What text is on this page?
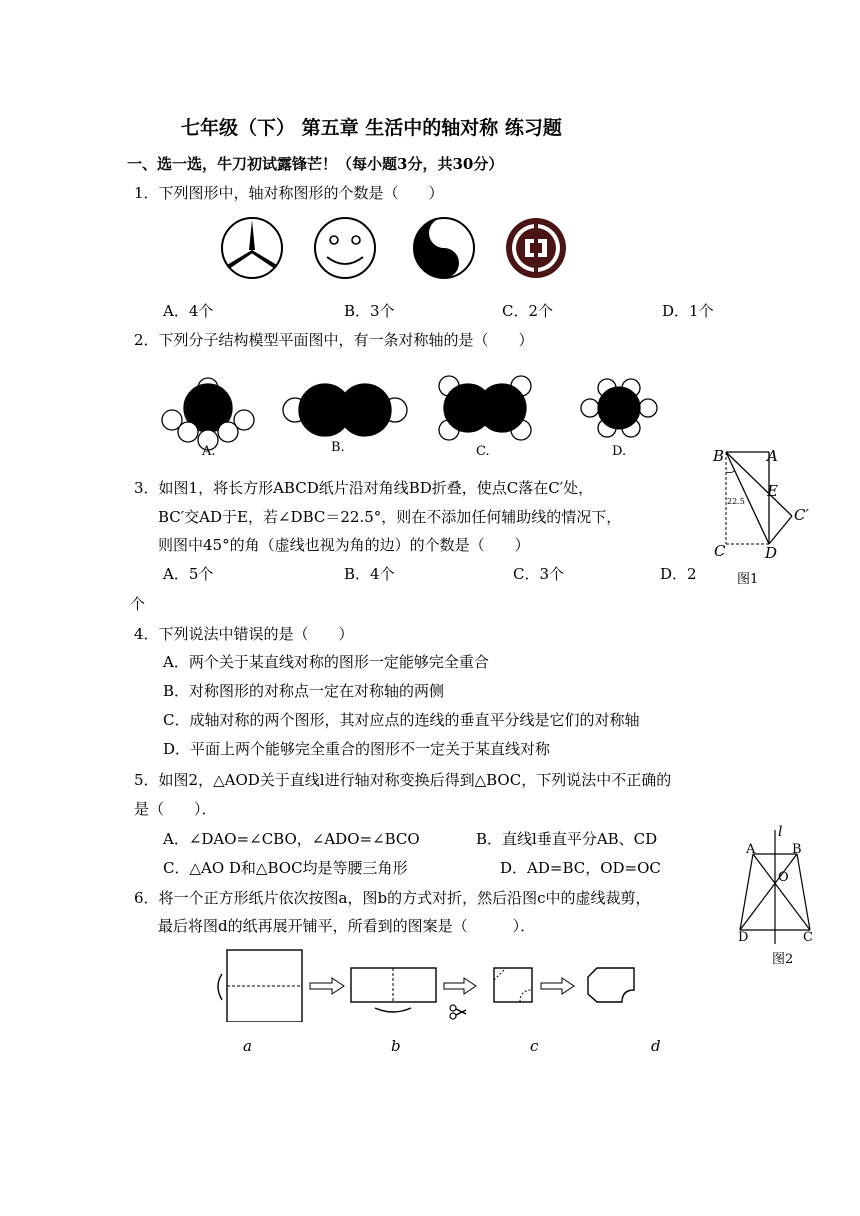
七年级（下） 第五章 生活中的轴对称 练习题
一、选一选，牛刀初试露锋芒！（每小题3分，共30分）
1．下列图形中，轴对称图形的个数是（　　）
A．4个	B．3个	C．2个	D．1个
2．下列分子结构模型平面图中，有一条对称轴的是（　　）
A.	B.	C.	D.
3．如图1，将长方形ABCD纸片沿对角线BD折叠，使点C落在C′处，
BC′交AD于E，若∠DBC＝22.5°，则在不添加任何辅助线的情况下，
则图中45°的角（虚线也视为角的边）的个数是（　　）
A．5个	B．4个	C．3个	D．2
个
22.5
B	A
E
C′
C	D
图1
4．下列说法中错误的是（　　）
A．两个关于某直线对称的图形一定能够完全重合
B．对称图形的对称点一定在对称轴的两侧
C．成轴对称的两个图形，其对应点的连线的垂直平分线是它们的对称轴
D．平面上两个能够完全重合的图形不一定关于某直线对称
5．如图2，△AOD关于直线l进行轴对称变换后得到△BOC，下列说法中不正确的
是（　　）．
A．∠DAO=∠CBO，∠ADO=∠BCO	B．直线l垂直平分AB、CD
C．△AO D和△BOC均是等腰三角形	D．AD=BC，OD=OC
l
A	B
O
D	C
图2
6．将一个正方形纸片依次按图a，图b的方式对折，然后沿图c中的虚线裁剪，
最后将图d的纸再展开铺平，所看到的图案是（　　　）．
a	b	c	d
